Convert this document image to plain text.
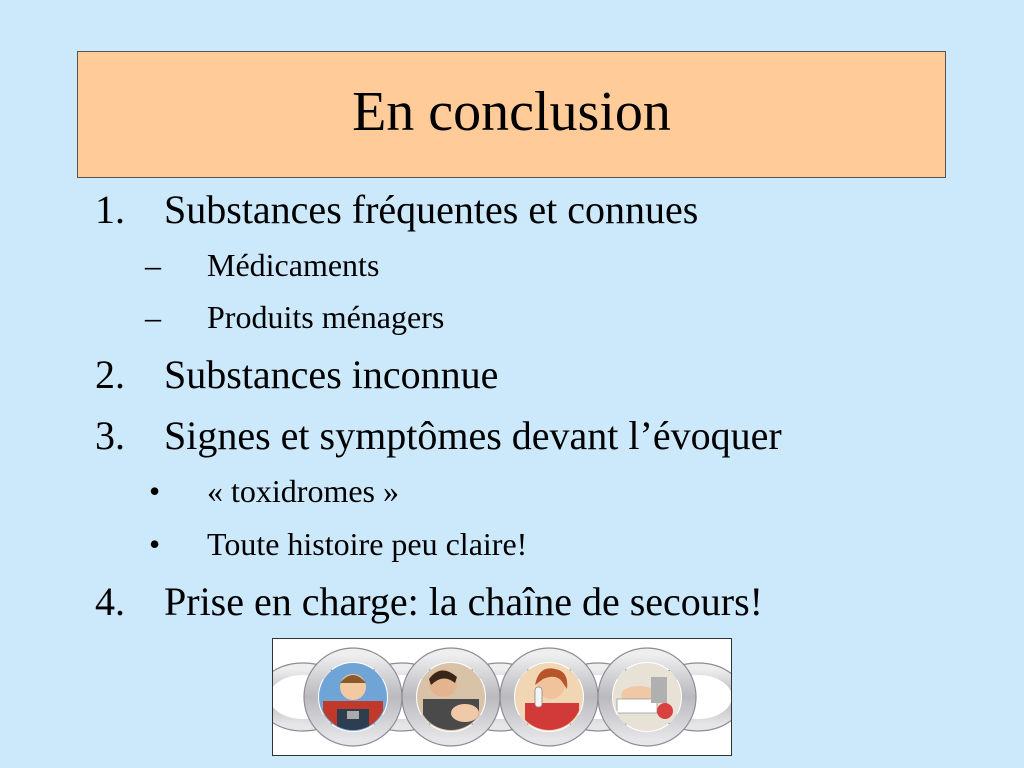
En conclusion
1. Substances fréquentes et connues
– Médicaments
– Produits ménagers
2. Substances inconnue
3. Signes et symptômes devant l’évoquer
• « toxidromes »
• Toute histoire peu claire!
4. Prise en charge: la chaîne de secours!
